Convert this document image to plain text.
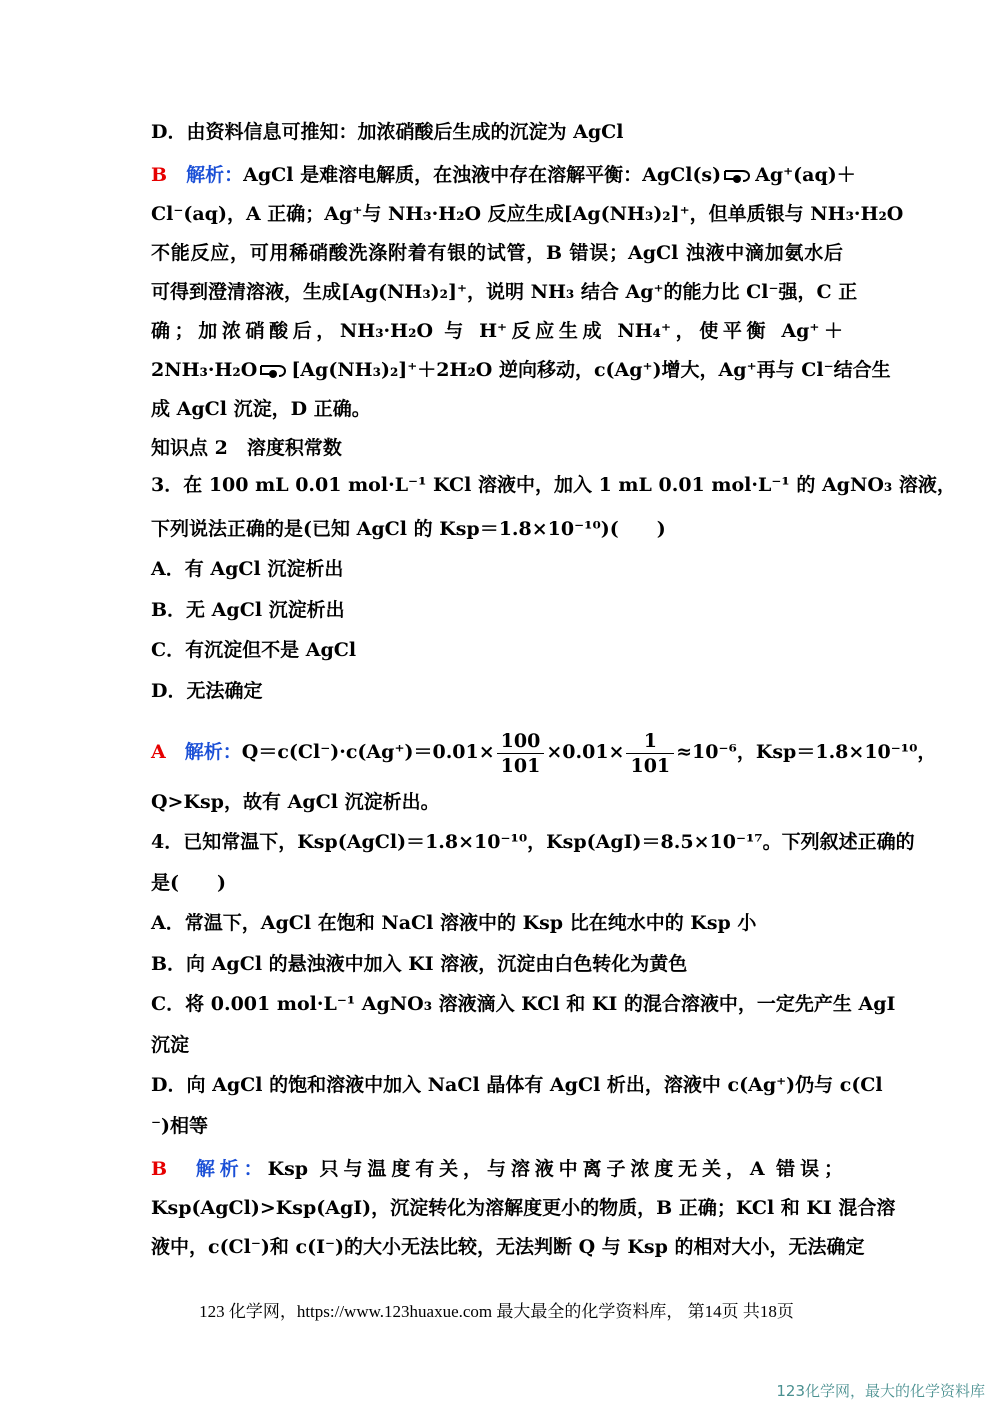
D．由资料信息可推知：加浓硝酸后生成的沉淀为 AgCl
B　 解析：AgCl 是难溶电解质，在浊液中存在溶解平衡：AgCl(s) Ag⁺(aq)＋
Cl⁻(aq)，A 正确；Ag⁺与 NH₃·H₂O 反应生成[Ag(NH₃)₂]⁺，但单质银与 NH₃·H₂O
不能反应，可用稀硝酸洗涤附着有银的试管，B 错误；AgCl 浊液中滴加氨水后
可得到澄清溶液，生成[Ag(NH₃)₂]⁺，说明 NH₃ 结合 Ag⁺的能力比 Cl⁻强，C 正
确；加浓硝酸后，NH₃·H₂O 与 H⁺反应生成 NH₄⁺，使平衡 Ag⁺＋
2NH₃·H₂O [Ag(NH₃)₂]⁺＋2H₂O 逆向移动，c(Ag⁺)增大，Ag⁺再与 Cl⁻结合生
成 AgCl 沉淀，D 正确。
知识点 2　溶度积常数
3．在 100 mL 0.01 mol·L⁻¹ KCl 溶液中，加入 1 mL 0.01 mol·L⁻¹ 的 AgNO₃ 溶液，
下列说法正确的是(已知 AgCl 的 Ksp＝1.8×10⁻¹⁰)(　　)
A．有 AgCl 沉淀析出
B．无 AgCl 沉淀析出
C．有沉淀但不是 AgCl
D．无法确定
A　 解析：$Q=c(Cl^-)\cdot c(Ag^+)=0.01\times \frac{100}{101} \times 0.01\times \frac{1}{101} \approx 10^{-6}$，Ksp＝1.8×10⁻¹⁰，
Q>Ksp，故有 AgCl 沉淀析出。
4．已知常温下，Ksp(AgCl)＝1.8×10⁻¹⁰，Ksp(AgI)＝8.5×10⁻¹⁷。下列叙述正确的
是(　　)
A．常温下，AgCl 在饱和 NaCl 溶液中的 Ksp 比在纯水中的 Ksp 小
B．向 AgCl 的悬浊液中加入 KI 溶液，沉淀由白色转化为黄色
C．将 0.001 mol·L⁻¹ AgNO₃ 溶液滴入 KCl 和 KI 的混合溶液中，一定先产生 AgI
沉淀
D．向 AgCl 的饱和溶液中加入 NaCl 晶体有 AgCl 析出，溶液中 c(Ag⁺)仍与 c(Cl
⁻)相等
B　 解析：Ksp 只与温度有关，与溶液中离子浓度无关，A 错误；
Ksp(AgCl)>Ksp(AgI)，沉淀转化为溶解度更小的物质，B 正确；KCl 和 KI 混合溶
液中，c(Cl⁻)和 c(I⁻)的大小无法比较，无法判断 Q 与 Ksp 的相对大小，无法确定
123 化学网，https://www.123huaxue.com 最大最全的化学资料库， 第14页 共18页
123化学网，最大的化学资料库
